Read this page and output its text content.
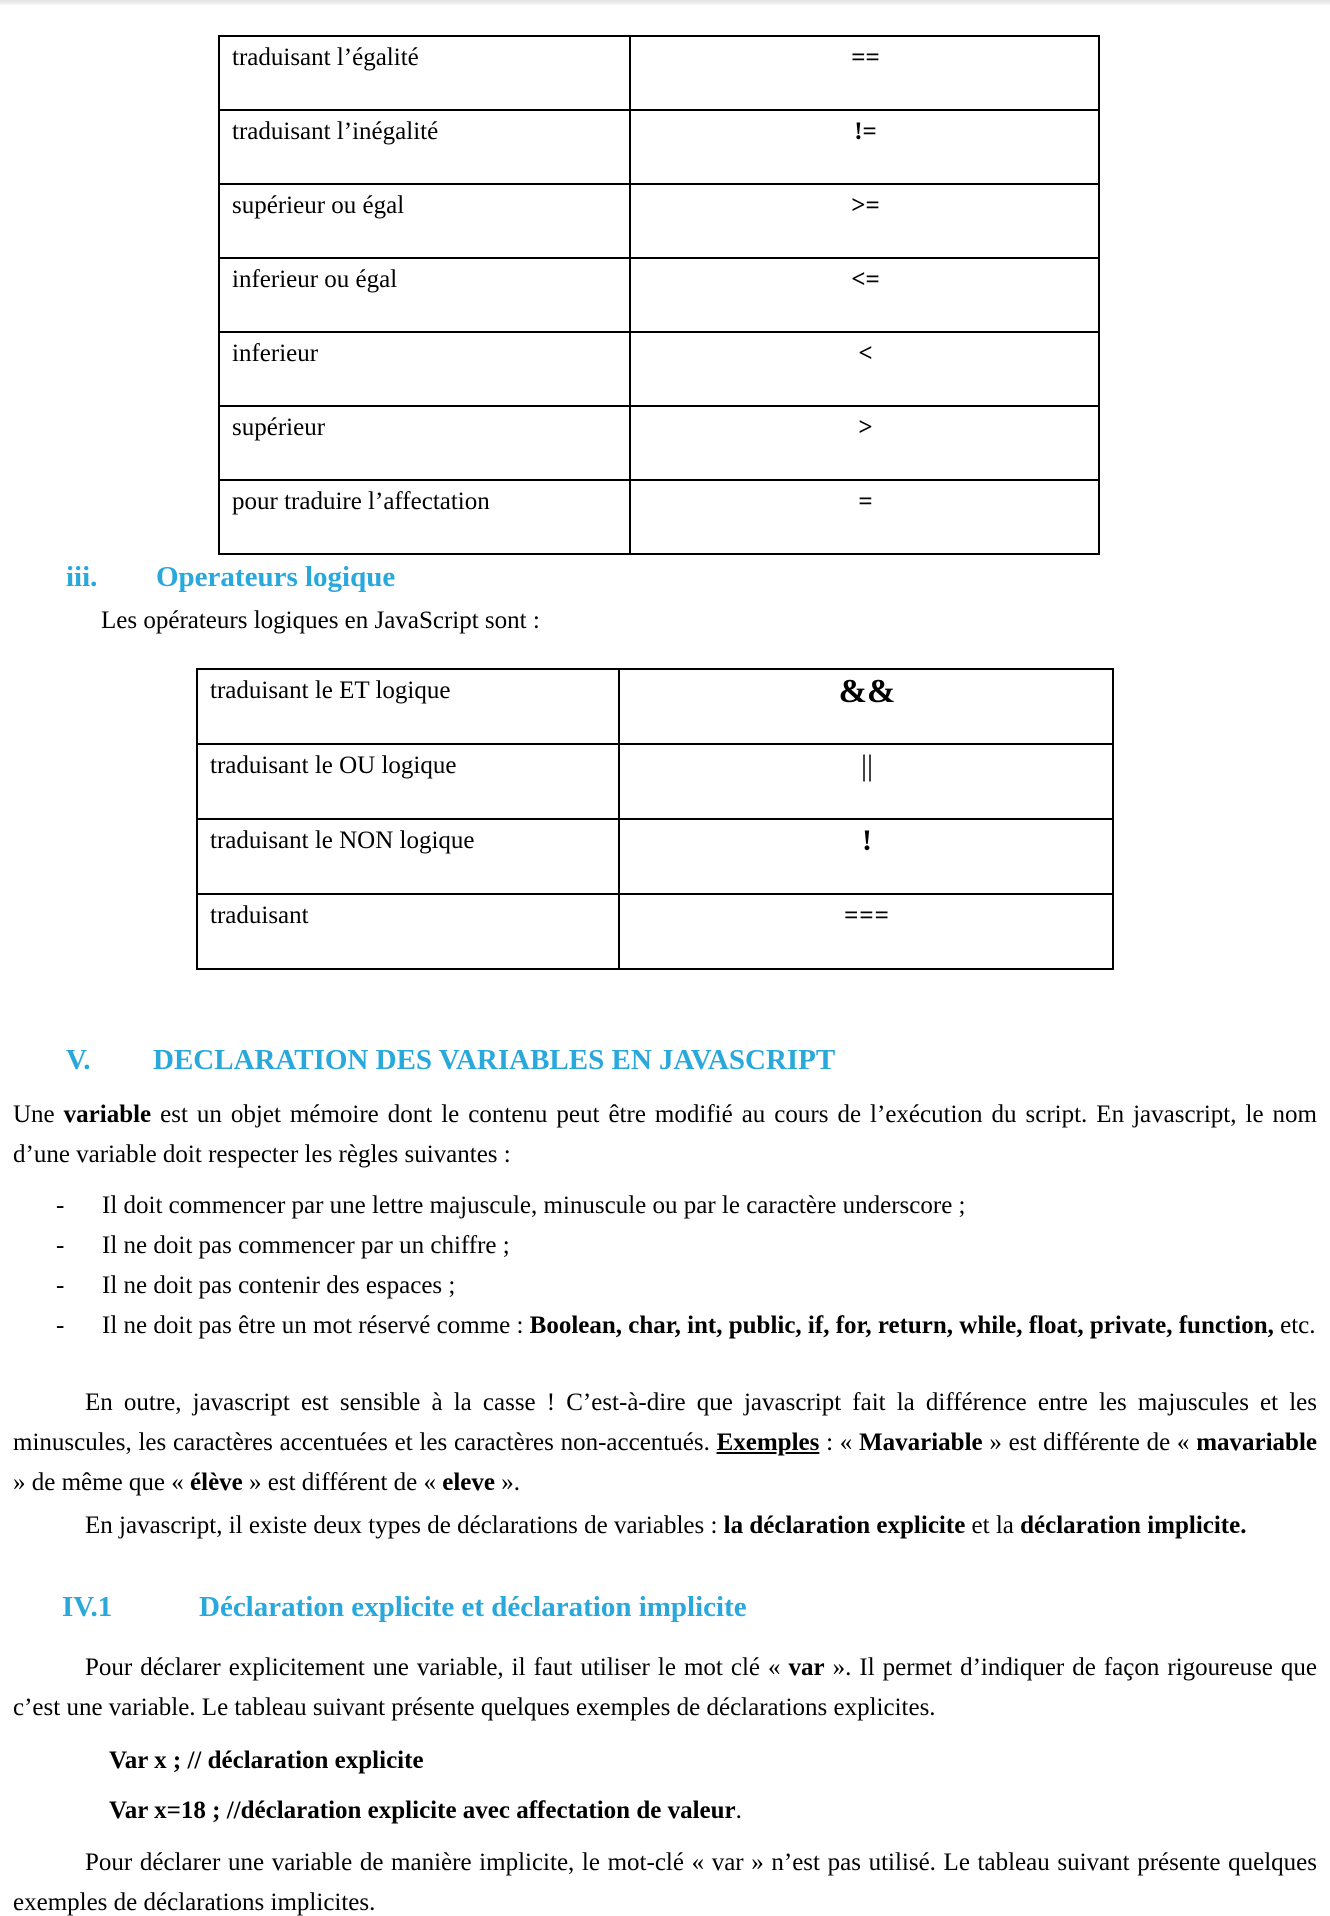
traduisant l’égalité	==
traduisant l’inégalité	!=
supérieur ou égal	>=
inferieur ou égal	<=
inferieur	<
supérieur	>
pour traduire l’affectation	=
iii. Operateurs logique
Les opérateurs logiques en JavaScript sont :
traduisant le ET logique	&&
traduisant le OU logique	||
traduisant le NON logique	!
traduisant	===
V. DECLARATION DES VARIABLES EN JAVASCRIPT
Une variable est un objet mémoire dont le contenu peut être modifié au cours de l’exécution du script. En javascript, le nom d’une variable doit respecter les règles suivantes :
- Il doit commencer par une lettre majuscule, minuscule ou par le caractère underscore ;
- Il ne doit pas commencer par un chiffre ;
- Il ne doit pas contenir des espaces ;
- Il ne doit pas être un mot réservé comme : Boolean, char, int, public, if, for, return, while, float, private, function, etc.
En outre, javascript est sensible à la casse ! C’est-à-dire que javascript fait la différence entre les majuscules et les minuscules, les caractères accentuées et les caractères non-accentués. Exemples : « Mavariable » est différente de « mavariable » de même que « élève » est différent de « eleve ».
En javascript, il existe deux types de déclarations de variables : la déclaration explicite et la déclaration implicite.
IV.1	Déclaration explicite et déclaration implicite
Pour déclarer explicitement une variable, il faut utiliser le mot clé « var ». Il permet d’indiquer de façon rigoureuse que c’est une variable. Le tableau suivant présente quelques exemples de déclarations explicites.
Var x ; // déclaration explicite
Var x=18 ; //déclaration explicite avec affectation de valeur.
Pour déclarer une variable de manière implicite, le mot-clé « var » n’est pas utilisé. Le tableau suivant présente quelques exemples de déclarations implicites.
